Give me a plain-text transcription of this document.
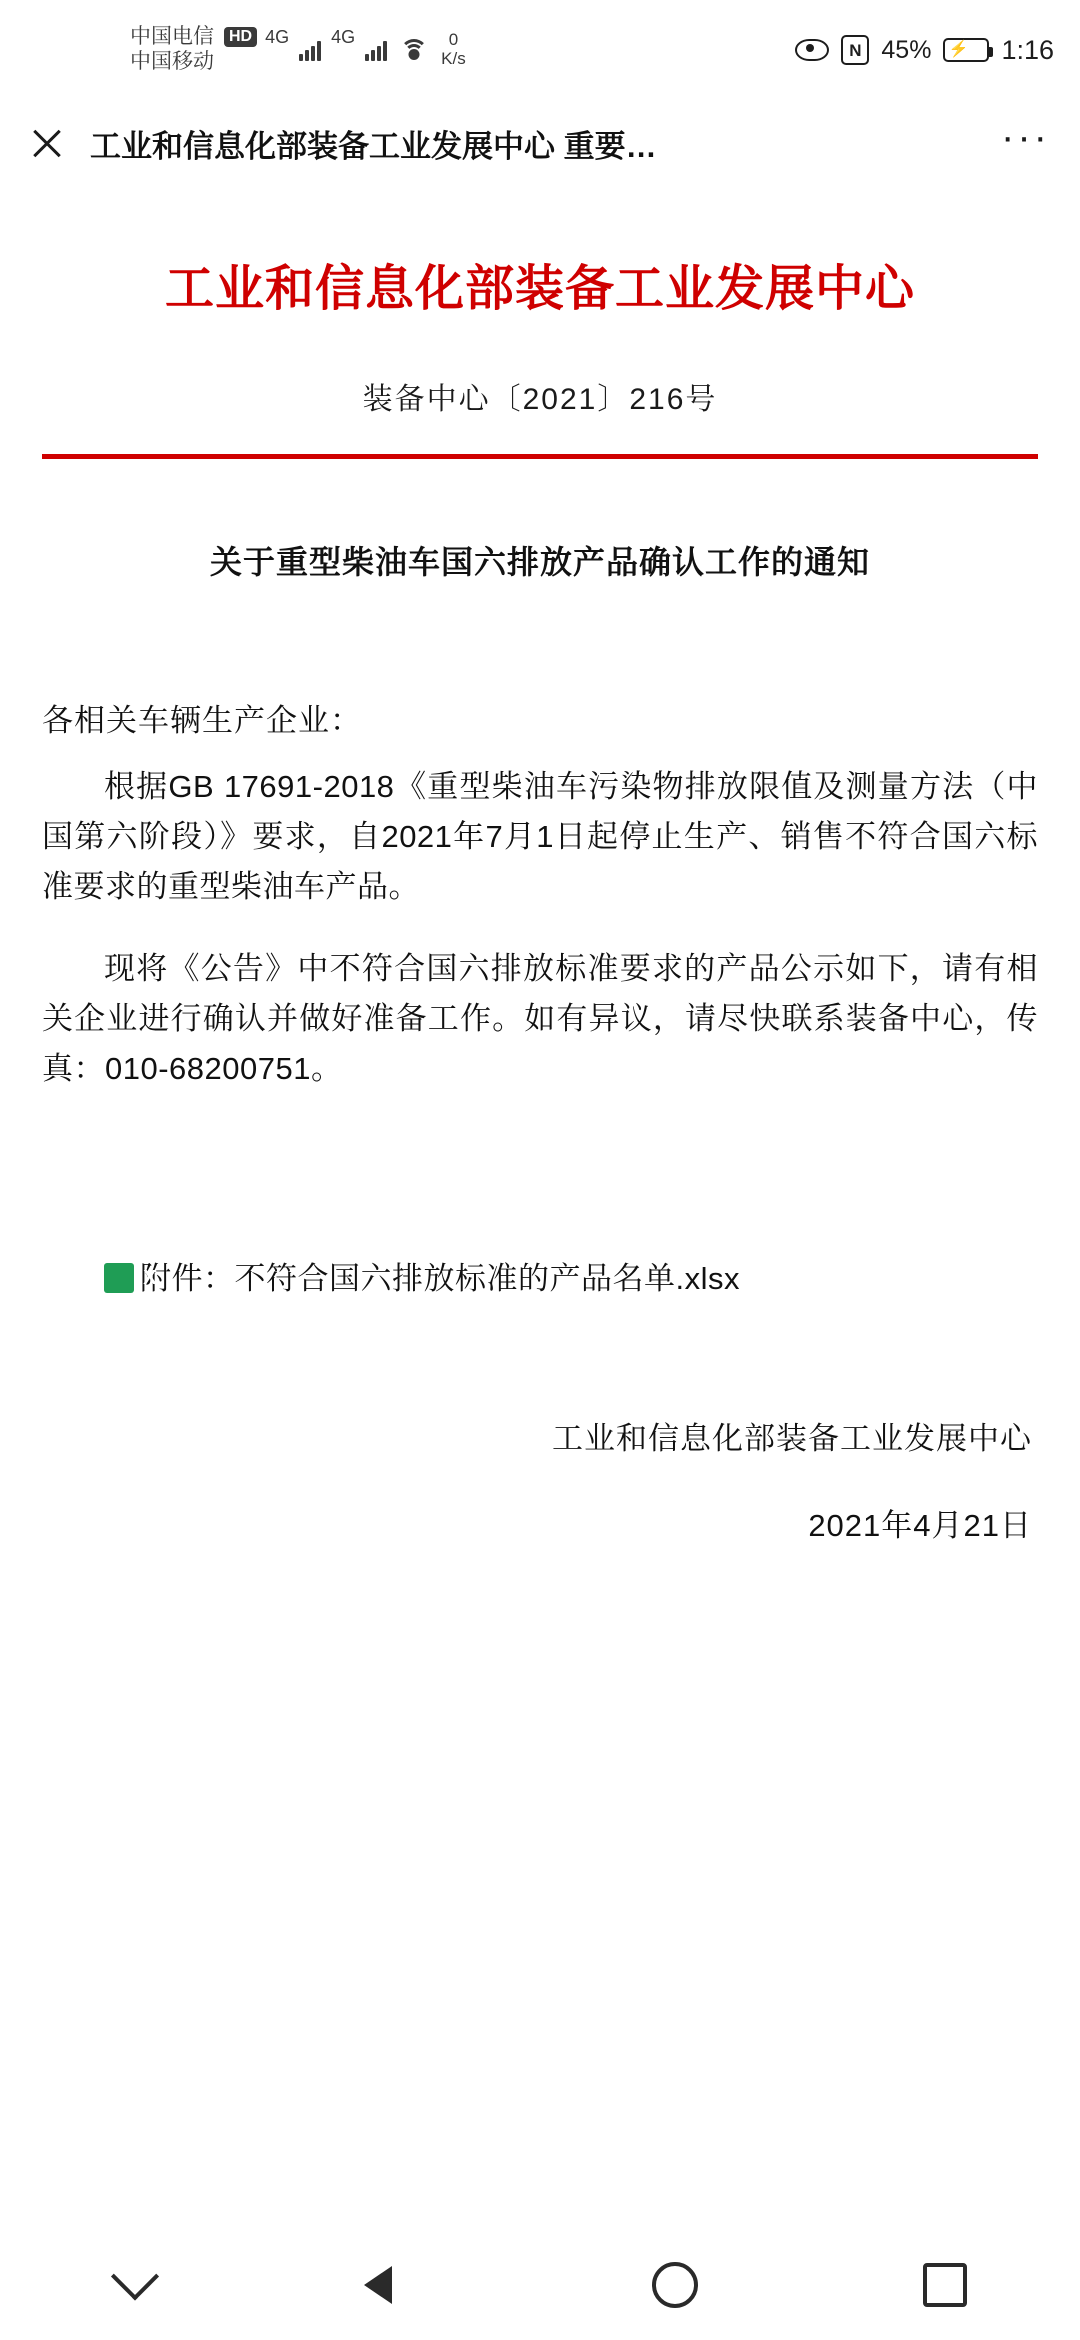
中国电信
中国移动
HD 4G 4G	0
K/s	N 45% ⚡ 1:16
工业和信息化部装备工业发展中心 重要…	···
工业和信息化部装备工业发展中心
装备中心〔2021〕216号
关于重型柴油车国六排放产品确认工作的通知
各相关车辆生产企业：

根据GB 17691-2018《重型柴油车污染物排放限值及测量方法（中国第六阶段）》要求，自2021年7月1日起停止生产、销售不符合国六标准要求的重型柴油车产品。

现将《公告》中不符合国六排放标准要求的产品公示如下，请有相关企业进行确认并做好准备工作。如有异议，请尽快联系装备中心，传真：010-68200751。

X附件：不符合国六排放标准的产品名单.xlsx
工业和信息化部装备工业发展中心
2021年4月21日
